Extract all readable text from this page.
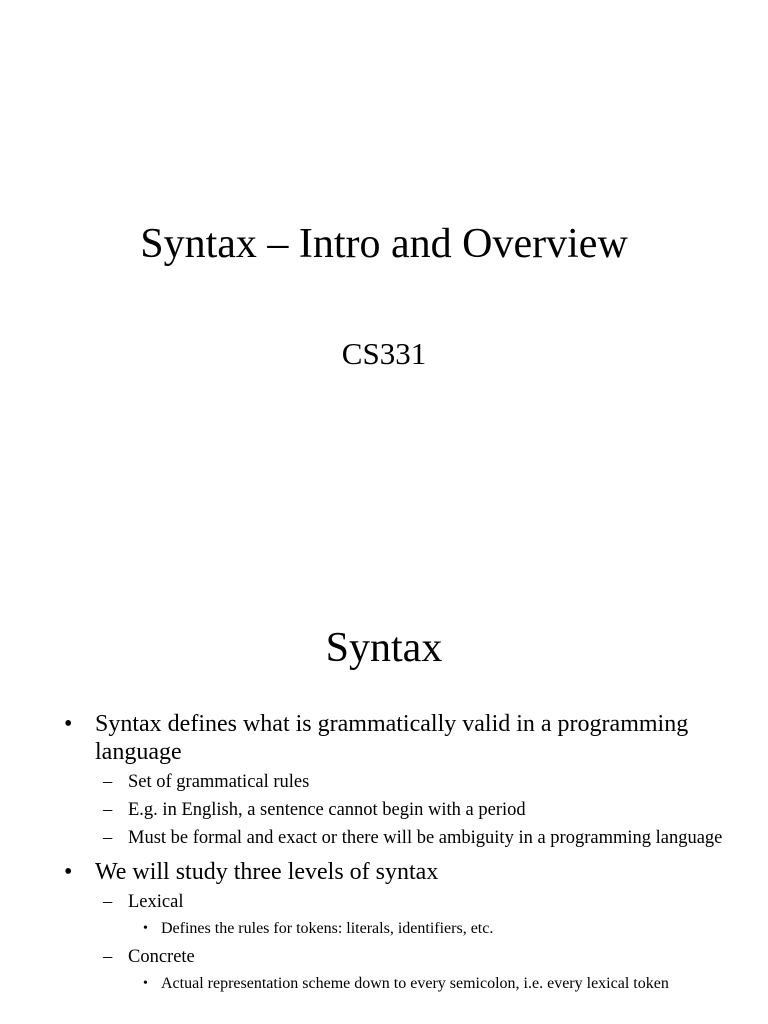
Syntax – Intro and Overview
CS331
Syntax
• Syntax defines what is grammatically valid in a programming language
– Set of grammatical rules
– E.g. in English, a sentence cannot begin with a period
– Must be formal and exact or there will be ambiguity in a programming language
• We will study three levels of syntax
– Lexical
• Defines the rules for tokens: literals, identifiers, etc.
– Concrete
• Actual representation scheme down to every semicolon, i.e. every lexical token
